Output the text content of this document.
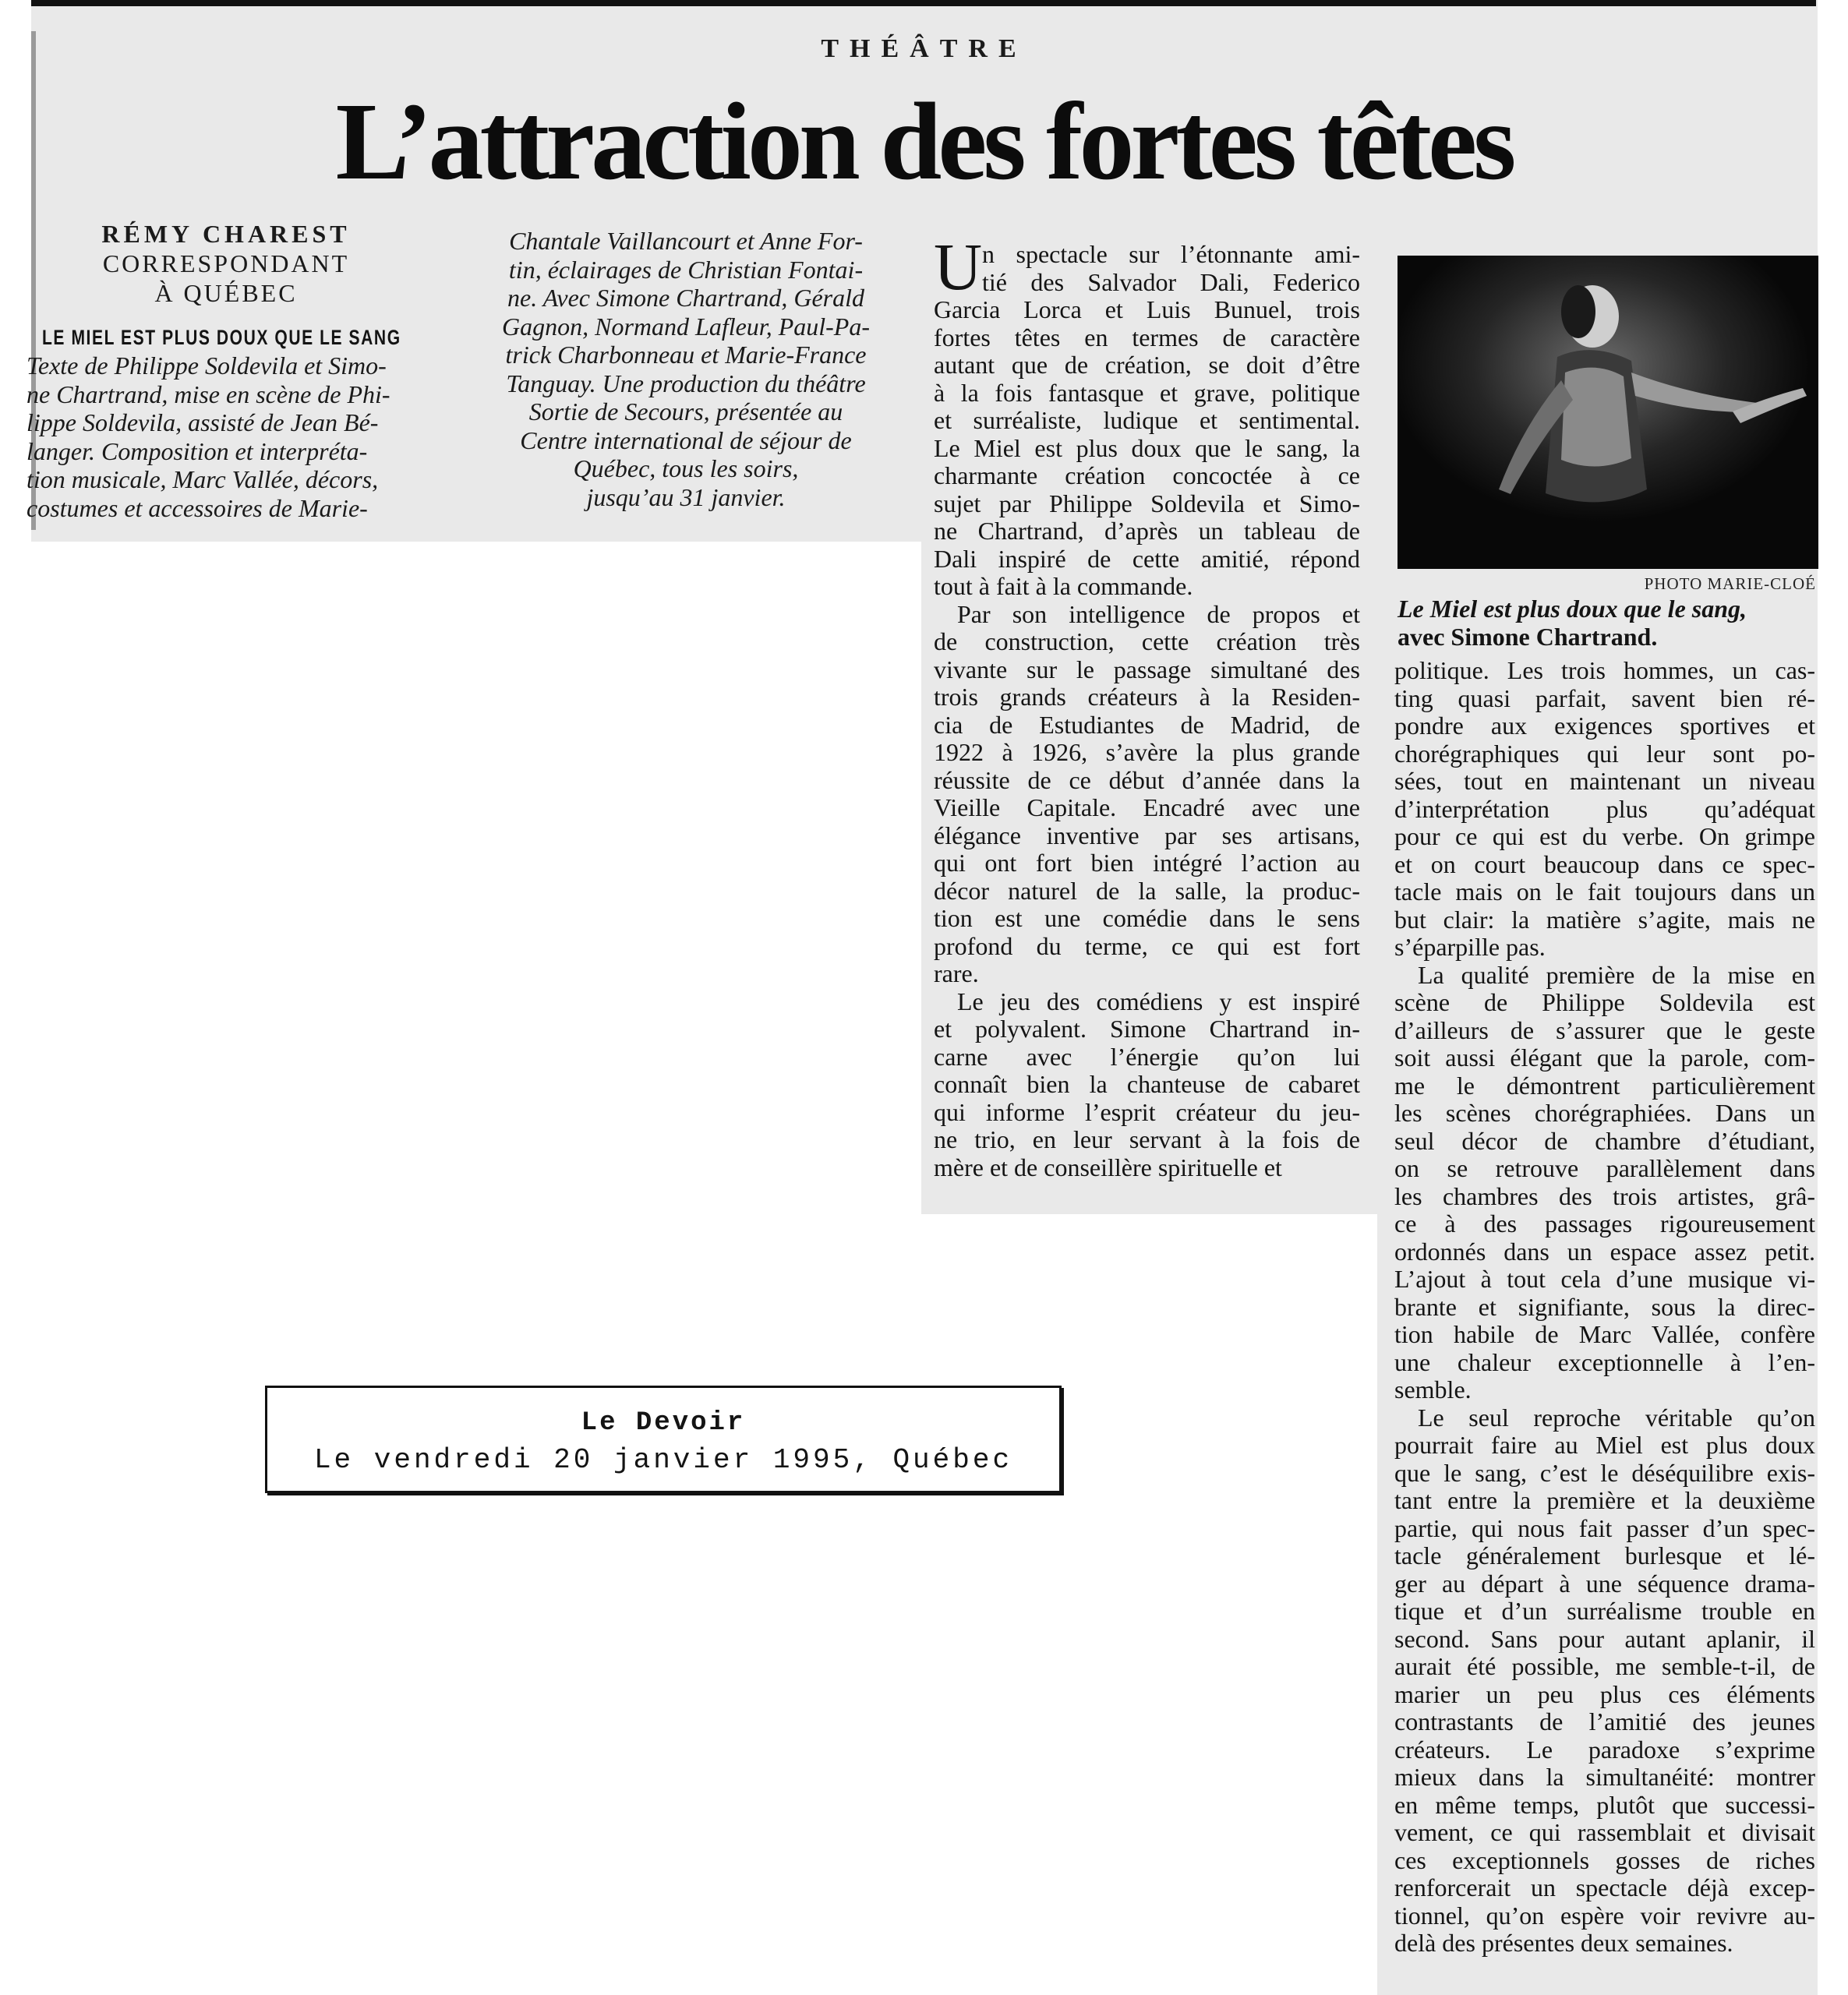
THÉÂTRE
L’attraction des fortes têtes
RÉMY CHAREST
CORRESPONDANT
À QUÉBEC
LE MIEL EST PLUS DOUX QUE LE SANG
Texte de Philippe Soldevila et Simo-
ne Chartrand, mise en scène de Phi-
lippe Soldevila, assisté de Jean Bé-
langer. Composition et interpréta-
tion musicale, Marc Vallée, décors,
costumes et accessoires de Marie-
Chantale Vaillancourt et Anne For-
tin, éclairages de Christian Fontai-
ne. Avec Simone Chartrand, Gérald
Gagnon, Normand Lafleur, Paul-Pa-
trick Charbonneau et Marie-France
Tanguay. Une production du théâtre
Sortie de Secours, présentée au
Centre international de séjour de
Québec, tous les soirs,
jusqu’au 31 janvier.
U n spectacle sur l’étonnante ami-
tié des Salvador Dali, Federico
Garcia Lorca et Luis Bunuel, trois
fortes têtes en termes de caractère
autant que de création, se doit d’être
à la fois fantasque et grave, politique
et surréaliste, ludique et sentimental.
Le Miel est plus doux que le sang, la
charmante création concoctée à ce
sujet par Philippe Soldevila et Simo-
ne Chartrand, d’après un tableau de
Dali inspiré de cette amitié, répond
tout à fait à la commande.
Par son intelligence de propos et
de construction, cette création très
vivante sur le passage simultané des
trois grands créateurs à la Residen-
cia de Estudiantes de Madrid, de
1922 à 1926, s’avère la plus grande
réussite de ce début d’année dans la
Vieille Capitale. Encadré avec une
élégance inventive par ses artisans,
qui ont fort bien intégré l’action au
décor naturel de la salle, la produc-
tion est une comédie dans le sens
profond du terme, ce qui est fort
rare.
Le jeu des comédiens y est inspiré
et polyvalent. Simone Chartrand in-
carne avec l’énergie qu’on lui
connaît bien la chanteuse de cabaret
qui informe l’esprit créateur du jeu-
ne trio, en leur servant à la fois de
mère et de conseillère spirituelle et
PHOTO MARIE-CLOÉ
Le Miel est plus doux que le sang,
avec Simone Chartrand.
politique. Les trois hommes, un cas-
ting quasi parfait, savent bien ré-
pondre aux exigences sportives et
chorégraphiques qui leur sont po-
sées, tout en maintenant un niveau
d’interprétation plus qu’adéquat
pour ce qui est du verbe. On grimpe
et on court beaucoup dans ce spec-
tacle mais on le fait toujours dans un
but clair: la matière s’agite, mais ne
s’éparpille pas.
La qualité première de la mise en
scène de Philippe Soldevila est
d’ailleurs de s’assurer que le geste
soit aussi élégant que la parole, com-
me le démontrent particulièrement
les scènes chorégraphiées. Dans un
seul décor de chambre d’étudiant,
on se retrouve parallèlement dans
les chambres des trois artistes, grâ-
ce à des passages rigoureusement
ordonnés dans un espace assez petit.
L’ajout à tout cela d’une musique vi-
brante et signifiante, sous la direc-
tion habile de Marc Vallée, confère
une chaleur exceptionnelle à l’en-
semble.
Le seul reproche véritable qu’on
pourrait faire au Miel est plus doux
que le sang, c’est le déséquilibre exis-
tant entre la première et la deuxième
partie, qui nous fait passer d’un spec-
tacle généralement burlesque et lé-
ger au départ à une séquence drama-
tique et d’un surréalisme trouble en
second. Sans pour autant aplanir, il
aurait été possible, me semble-t-il, de
marier un peu plus ces éléments
contrastants de l’amitié des jeunes
créateurs. Le paradoxe s’exprime
mieux dans la simultanéité: montrer
en même temps, plutôt que successi-
vement, ce qui rassemblait et divisait
ces exceptionnels gosses de riches
renforcerait un spectacle déjà excep-
tionnel, qu’on espère voir revivre au-
delà des présentes deux semaines.
Le Devoir
Le vendredi 20 janvier 1995, Québec
